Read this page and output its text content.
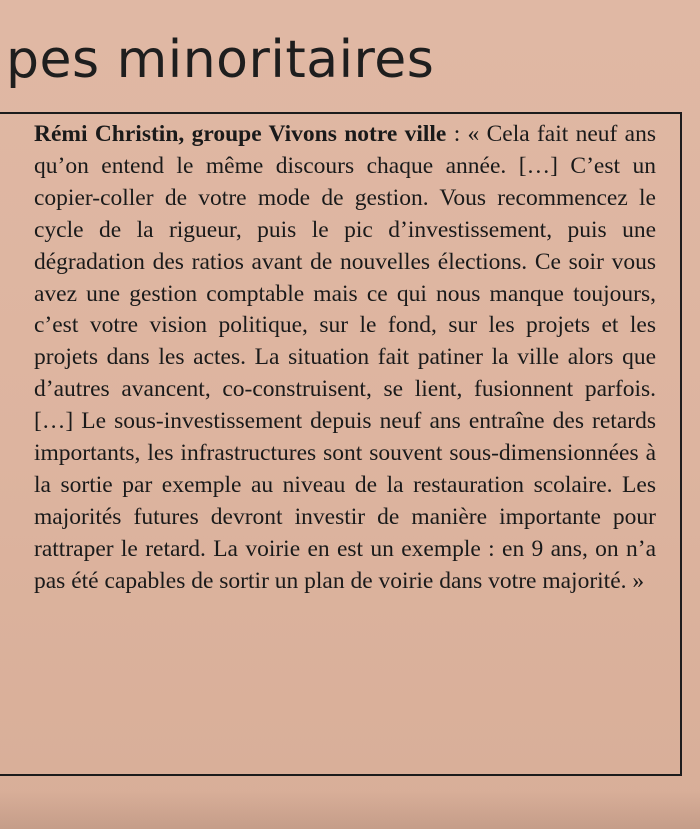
pes minoritaires
Rémi Christin, groupe Vivons notre ville : « Cela fait neuf ans qu’on entend le même discours chaque année. […] C’est un copier-coller de votre mode de gestion. Vous recommencez le cycle de la rigueur, puis le pic d’investissement, puis une dégradation des ratios avant de nouvelles élections. Ce soir vous avez une gestion comptable mais ce qui nous manque toujours, c’est votre vision politique, sur le fond, sur les projets et les projets dans les actes. La situation fait patiner la ville alors que d’autres avancent, co-construisent, se lient, fusionnent parfois. […] Le sous-investissement depuis neuf ans entraîne des retards importants, les infrastructures sont souvent sous-dimensionnées à la sortie par exemple au niveau de la restauration scolaire. Les majorités futures devront investir de manière importante pour rattraper le retard. La voirie en est un exemple : en 9 ans, on n’a pas été capables de sortir un plan de voirie dans votre majorité. »
